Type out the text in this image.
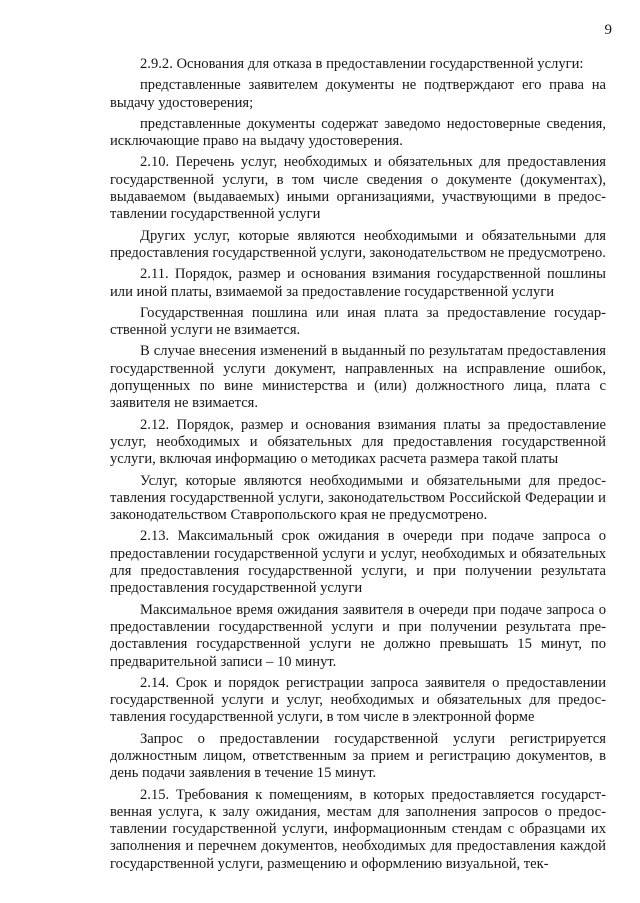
9

2.9.2. Основания для отказа в предоставлении государственной услуги:

представленные заявителем документы не подтверждают его права на выдачу удостоверения;

представленные документы содержат заведомо недостоверные сведения, исключающие право на выдачу удостоверения.

2.10. Перечень услуг, необходимых и обязательных для предоставления государственной услуги, в том числе сведения о документе (документах), выдаваемом (выдаваемых) иными организациями, участвующими в предоставлении государственной услуги

Других услуг, которые являются необходимыми и обязательными для предоставления государственной услуги, законодательством не предусмотрено.

2.11. Порядок, размер и основания взимания государственной пошлины или иной платы, взимаемой за предоставление государственной услуги

Государственная пошлина или иная плата за предоставление государственной услуги не взимается.

В случае внесения изменений в выданный по результатам предоставления государственной услуги документ, направленных на исправление ошибок, допущенных по вине министерства и (или) должностного лица, плата с заявителя не взимается.

2.12. Порядок, размер и основания взимания платы за предоставление услуг, необходимых и обязательных для предоставления государственной услуги, включая информацию о методиках расчета размера такой платы

Услуг, которые являются необходимыми и обязательными для предоставления государственной услуги, законодательством Российской Федерации и законодательством Ставропольского края не предусмотрено.

2.13. Максимальный срок ожидания в очереди при подаче запроса о предоставлении государственной услуги и услуг, необходимых и обязательных для предоставления государственной услуги, и при получении результата предоставления государственной услуги

Максимальное время ожидания заявителя в очереди при подаче запроса о предоставлении государственной услуги и при получении результата предоставления государственной услуги не должно превышать 15 минут, по предварительной записи – 10 минут.

2.14. Срок и порядок регистрации запроса заявителя о предоставлении государственной услуги и услуг, необходимых и обязательных для предоставления государственной услуги, в том числе в электронной форме

Запрос о предоставлении государственной услуги регистрируется должностным лицом, ответственным за прием и регистрацию документов, в день подачи заявления в течение 15 минут.

2.15. Требования к помещениям, в которых предоставляется государственная услуга, к залу ожидания, местам для заполнения запросов о предоставлении государственной услуги, информационным стендам с образцами их заполнения и перечнем документов, необходимых для предоставления каждой государственной услуги, размещению и оформлению визуальной, тек-
